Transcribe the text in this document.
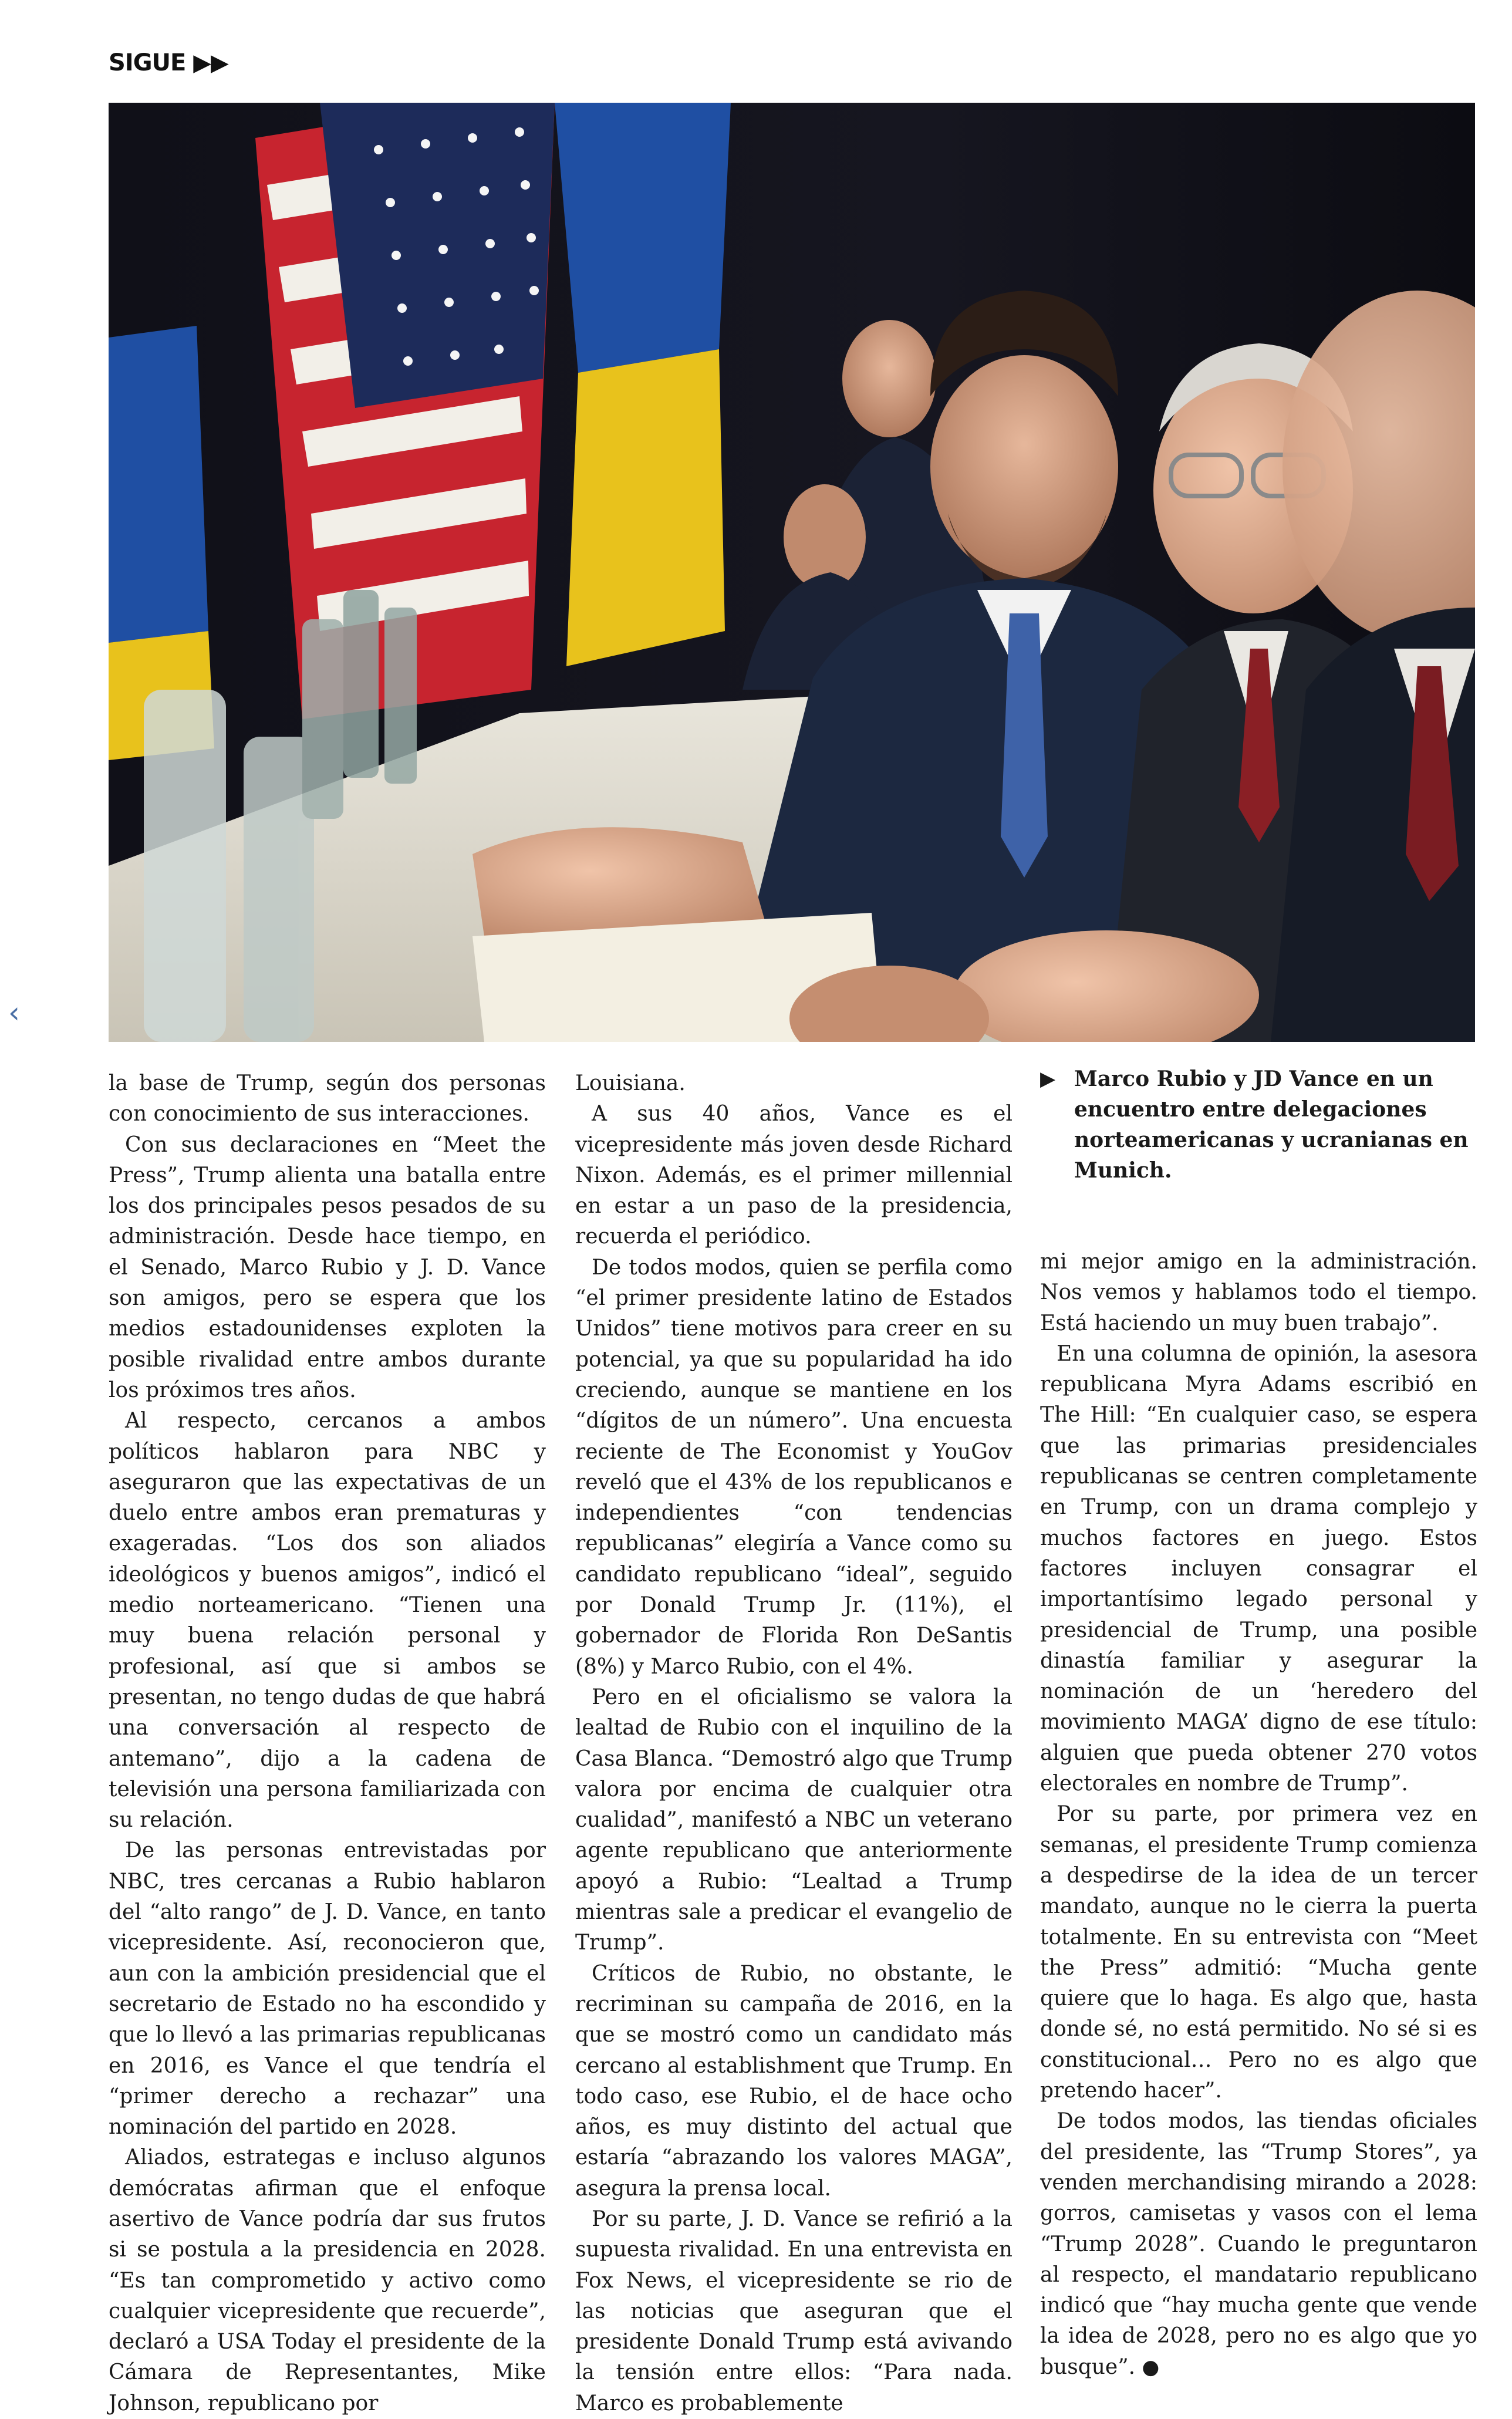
SIGUE ▶▶
‹

la base de Trump, según dos personas con conocimiento de sus interacciones.

Con sus declaraciones en “Meet the Press”, Trump alienta una batalla entre los dos principales pesos pesados de su administración. Desde hace tiempo, en el Senado, Marco Rubio y J. D. Vance son amigos, pero se espera que los medios estadounidenses exploten la posible rivalidad entre ambos durante los próximos tres años.

Al respecto, cercanos a ambos políticos hablaron para NBC y aseguraron que las expectativas de un duelo entre ambos eran prematuras y exageradas. “Los dos son aliados ideológicos y buenos amigos”, indicó el medio norteamericano. “Tienen una muy buena relación personal y profesional, así que si ambos se presentan, no tengo dudas de que habrá una conversación al respecto de antemano”, dijo a la cadena de televisión una persona familiarizada con su relación.

De las personas entrevistadas por NBC, tres cercanas a Rubio hablaron del “alto rango” de J. D. Vance, en tanto vicepresidente. Así, reconocieron que, aun con la ambición presidencial que el secretario de Estado no ha escondido y que lo llevó a las primarias republicanas en 2016, es Vance el que tendría el “primer derecho a rechazar” una nominación del partido en 2028.

Aliados, estrategas e incluso algunos demócratas afirman que el enfoque asertivo de Vance podría dar sus frutos si se postula a la presidencia en 2028. “Es tan comprometido y activo como cualquier vicepresidente que recuerde”, declaró a USA Today el presidente de la Cámara de Representantes, Mike Johnson, republicano por

Louisiana.

A sus 40 años, Vance es el vicepresidente más joven desde Richard Nixon. Además, es el primer millennial en estar a un paso de la presidencia, recuerda el periódico.

De todos modos, quien se perfila como “el primer presidente latino de Estados Unidos” tiene motivos para creer en su potencial, ya que su popularidad ha ido creciendo, aunque se mantiene en los “dígitos de un número”. Una encuesta reciente de The Economist y YouGov reveló que el 43% de los republicanos e independientes “con tendencias republicanas” elegiría a Vance como su candidato republicano “ideal”, seguido por Donald Trump Jr. (11%), el gobernador de Florida Ron DeSantis (8%) y Marco Rubio, con el 4%.

Pero en el oficialismo se valora la lealtad de Rubio con el inquilino de la Casa Blanca. “Demostró algo que Trump valora por encima de cualquier otra cualidad”, manifestó a NBC un veterano agente republicano que anteriormente apoyó a Rubio: “Lealtad a Trump mientras sale a predicar el evangelio de Trump”.

Críticos de Rubio, no obstante, le recriminan su campaña de 2016, en la que se mostró como un candidato más cercano al establishment que Trump. En todo caso, ese Rubio, el de hace ocho años, es muy distinto del actual que estaría “abrazando los valores MAGA”, asegura la prensa local.

Por su parte, J. D. Vance se refirió a la supuesta rivalidad. En una entrevista en Fox News, el vicepresidente se rio de las noticias que aseguran que el presidente Donald Trump está avivando la tensión entre ellos: “Para nada. Marco es probablemente

▶ Marco Rubio y JD Vance en un encuentro entre delegaciones norteamericanas y ucranianas en Munich.

mi mejor amigo en la administración. Nos vemos y hablamos todo el tiempo. Está haciendo un muy buen trabajo”.

En una columna de opinión, la asesora republicana Myra Adams escribió en The Hill: “En cualquier caso, se espera que las primarias presidenciales republicanas se centren completamente en Trump, con un drama complejo y muchos factores en juego. Estos factores incluyen consagrar el importantísimo legado personal y presidencial de Trump, una posible dinastía familiar y asegurar la nominación de un ‘heredero del movimiento MAGA’ digno de ese título: alguien que pueda obtener 270 votos electorales en nombre de Trump”.

Por su parte, por primera vez en semanas, el presidente Trump comienza a despedirse de la idea de un tercer mandato, aunque no le cierra la puerta totalmente. En su entrevista con “Meet the Press” admitió: “Mucha gente quiere que lo haga. Es algo que, hasta donde sé, no está permitido. No sé si es constitucional… Pero no es algo que pretendo hacer”.

De todos modos, las tiendas oficiales del presidente, las “Trump Stores”, ya venden merchandising mirando a 2028: gorros, camisetas y vasos con el lema “Trump 2028”. Cuando le preguntaron al respecto, el mandatario republicano indicó que “hay mucha gente que vende la idea de 2028, pero no es algo que yo busque”. ●
